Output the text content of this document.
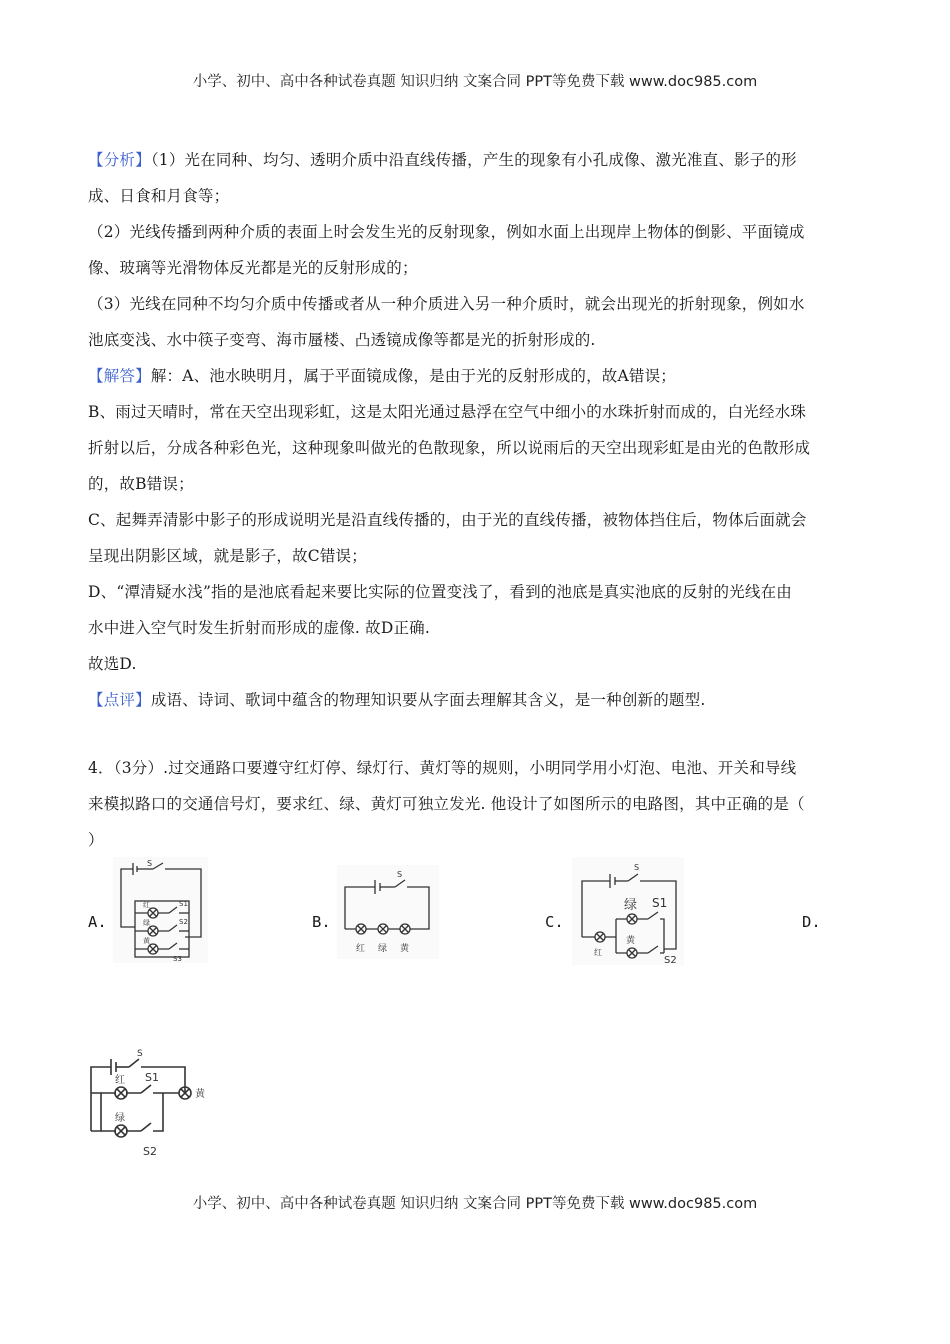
小学、初中、高中各种试卷真题 知识归纳 文案合同 PPT等免费下载 www.doc985.com
【分析】（1）光在同种、均匀、透明介质中沿直线传播，产生的现象有小孔成像、激光准直、影子的形
成、日食和月食等；
（2）光线传播到两种介质的表面上时会发生光的反射现象，例如水面上出现岸上物体的倒影、平面镜成
像、玻璃等光滑物体反光都是光的反射形成的；
（3）光线在同种不均匀介质中传播或者从一种介质进入另一种介质时，就会出现光的折射现象，例如水
池底变浅、水中筷子变弯、海市蜃楼、凸透镜成像等都是光的折射形成的.
【解答】解：A、池水映明月，属于平面镜成像，是由于光的反射形成的，故A错误；
B、雨过天晴时，常在天空出现彩虹，这是太阳光通过悬浮在空气中细小的水珠折射而成的，白光经水珠
折射以后，分成各种彩色光，这种现象叫做光的色散现象，所以说雨后的天空出现彩虹是由光的色散形成
的，故B错误；
C、起舞弄清影中影子的形成说明光是沿直线传播的，由于光的直线传播，被物体挡住后，物体后面就会
呈现出阴影区域，就是影子，故C错误；
D、“潭清疑水浅”指的是池底看起来要比实际的位置变浅了，看到的池底是真实池底的反射的光线在由
水中进入空气时发生折射而形成的虚像. 故D正确.
故选D.
【点评】成语、诗词、歌词中蕴含的物理知识要从字面去理解其含义，是一种创新的题型.
4．（3分）.过交通路口要遵守红灯停、绿灯行、黄灯等的规则，小明同学用小灯泡、电池、开关和导线
来模拟路口的交通信号灯，要求红、绿、黄灯可独立发光. 他设计了如图所示的电路图，其中正确的是（
）
A.	B.	C.	D.
S
红
绿
黄
S1
S2
S3
S
红 绿 黄
S
红
绿
黄
S1
S2
S
红
绿
黄
S1
S2
小学、初中、高中各种试卷真题 知识归纳 文案合同 PPT等免费下载 www.doc985.com
